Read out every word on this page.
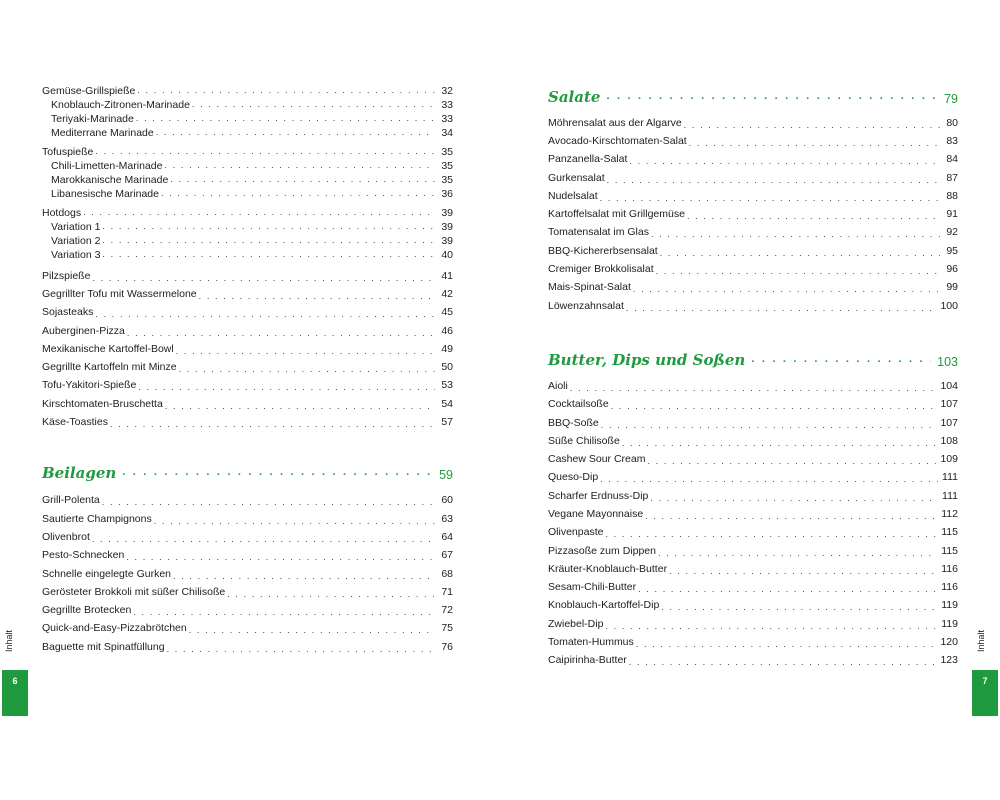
Gemüse-Grillspieße . . .	32
Knoblauch-Zitronen-Marinade . . .	33
Teriyaki-Marinade . . .	33
Mediterrane Marinade . . .	34
Tofuspieße . . .	35
Chili-Limetten-Marinade . . .	35
Marokkanische Marinade . . .	35
Libanesische Marinade . . .	36
Hotdogs . . .	39
Variation 1 . . .	39
Variation 2 . . .	39
Variation 3 . . .	40
Pilzspieße . . .	41
Gegrillter Tofu mit Wassermelone . . .	42
Sojasteaks . . .	45
Auberginen-Pizza . . .	46
Mexikanische Kartoffel-Bowl . . .	49
Gegrillte Kartoffeln mit Minze . . .	50
Tofu-Yakitori-Spieße . . .	53
Kirschtomaten-Bruschetta . . .	54
Käse-Toasties . . .	57
Beilagen . . .	59
Grill-Polenta . . .	60
Sautierte Champignons . . .	63
Olivenbrot . . .	64
Pesto-Schnecken . . .	67
Schnelle eingelegte Gurken . . .	68
Gerösteter Brokkoli mit süßer Chilisoße . . .	71
Gegrillte Brotecken . . .	72
Quick-and-Easy-Pizzabrötchen . . .	75
Baguette mit Spinatfüllung . . .	76
Salate . . .	79
Möhrensalat aus der Algarve . . .	80
Avocado-Kirschtomaten-Salat . . .	83
Panzanella-Salat . . .	84
Gurkensalat . . .	87
Nudelsalat . . .	88
Kartoffelsalat mit Grillgemüse . . .	91
Tomatensalat im Glas . . .	92
BBQ-Kichererbsensalat . . .	95
Cremiger Brokkolisalat . . .	96
Mais-Spinat-Salat . . .	99
Löwenzahnsalat . . .	100
Butter, Dips und Soßen . . .	103
Aioli . . .	104
Cocktailsoße . . .	107
BBQ-Soße . . .	107
Süße Chilisoße . . .	108
Cashew Sour Cream . . .	109
Queso-Dip . . .	111
Scharfer Erdnuss-Dip . . .	111
Vegane Mayonnaise . . .	112
Olivenpaste . . .	115
Pizzasoße zum Dippen . . .	115
Kräuter-Knoblauch-Butter . . .	116
Sesam-Chili-Butter . . .	116
Knoblauch-Kartoffel-Dip . . .	119
Zwiebel-Dip . . .	119
Tomaten-Hummus . . .	120
Caipirinha-Butter . . .	123
Inhalt
6
Inhalt
7
